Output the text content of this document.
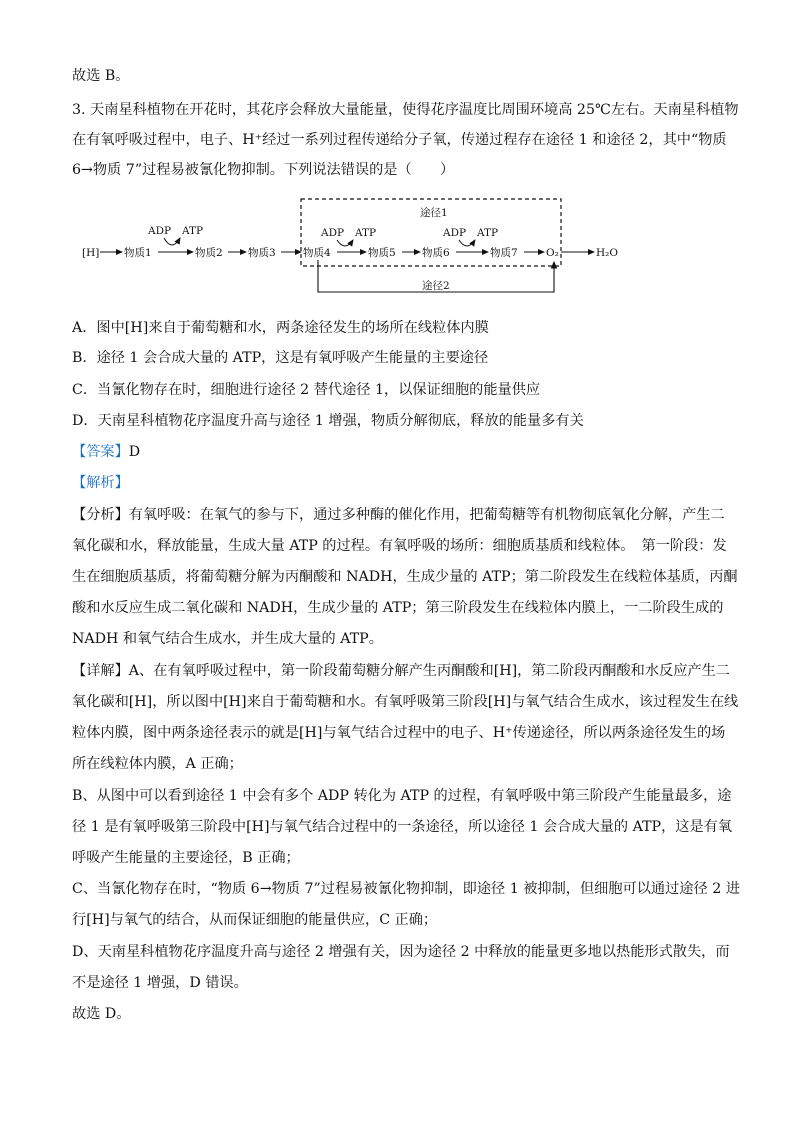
故选 B。
3. 天南星科植物在开花时，其花序会释放大量能量，使得花序温度比周围环境高 25℃左右。天南星科植物
在有氧呼吸过程中，电子、H⁺经过一系列过程传递给分子氧，传递过程存在途径 1 和途径 2，其中“物质
6→物质 7”过程易被氰化物抑制。下列说法错误的是（　　）
途径1
[H] 物质1	物质2 物质3	物质4	物质5	物质6	物质7	O₂	H₂O
ADP ATP	ADP ATP	ADP ATP
途径2
A．图中[H]来自于葡萄糖和水，两条途径发生的场所在线粒体内膜
B．途径 1 会合成大量的 ATP，这是有氧呼吸产生能量的主要途径
C．当氰化物存在时，细胞进行途径 2 替代途径 1，以保证细胞的能量供应
D．天南星科植物花序温度升高与途径 1 增强，物质分解彻底，释放的能量多有关
【答案】D
【解析】
【分析】有氧呼吸：在氧气的参与下，通过多种酶的催化作用，把葡萄糖等有机物彻底氧化分解，产生二
氧化碳和水，释放能量，生成大量 ATP 的过程。有氧呼吸的场所：细胞质基质和线粒体。　第一阶段：发
生在细胞质基质，将葡萄糖分解为丙酮酸和 NADH，生成少量的 ATP；第二阶段发生在线粒体基质，丙酮
酸和水反应生成二氧化碳和 NADH，生成少量的 ATP；第三阶段发生在线粒体内膜上，一二阶段生成的
NADH 和氧气结合生成水，并生成大量的 ATP。
【详解】A、在有氧呼吸过程中，第一阶段葡萄糖分解产生丙酮酸和[H]，第二阶段丙酮酸和水反应产生二
氧化碳和[H]，所以图中[H]来自于葡萄糖和水。有氧呼吸第三阶段[H]与氧气结合生成水，该过程发生在线
粒体内膜，图中两条途径表示的就是[H]与氧气结合过程中的电子、H⁺传递途径，所以两条途径发生的场
所在线粒体内膜，A 正确；
B、从图中可以看到途径 1 中会有多个 ADP 转化为 ATP 的过程，有氧呼吸中第三阶段产生能量最多，途
径 1 是有氧呼吸第三阶段中[H]与氧气结合过程中的一条途径，所以途径 1 会合成大量的 ATP，这是有氧
呼吸产生能量的主要途径，B 正确；
C、当氰化物存在时，“物质 6→物质 7”过程易被氰化物抑制，即途径 1 被抑制，但细胞可以通过途径 2 进
行[H]与氧气的结合，从而保证细胞的能量供应，C 正确；
D、天南星科植物花序温度升高与途径 2 增强有关，因为途径 2 中释放的能量更多地以热能形式散失，而
不是途径 1 增强，D 错误。
故选 D。
